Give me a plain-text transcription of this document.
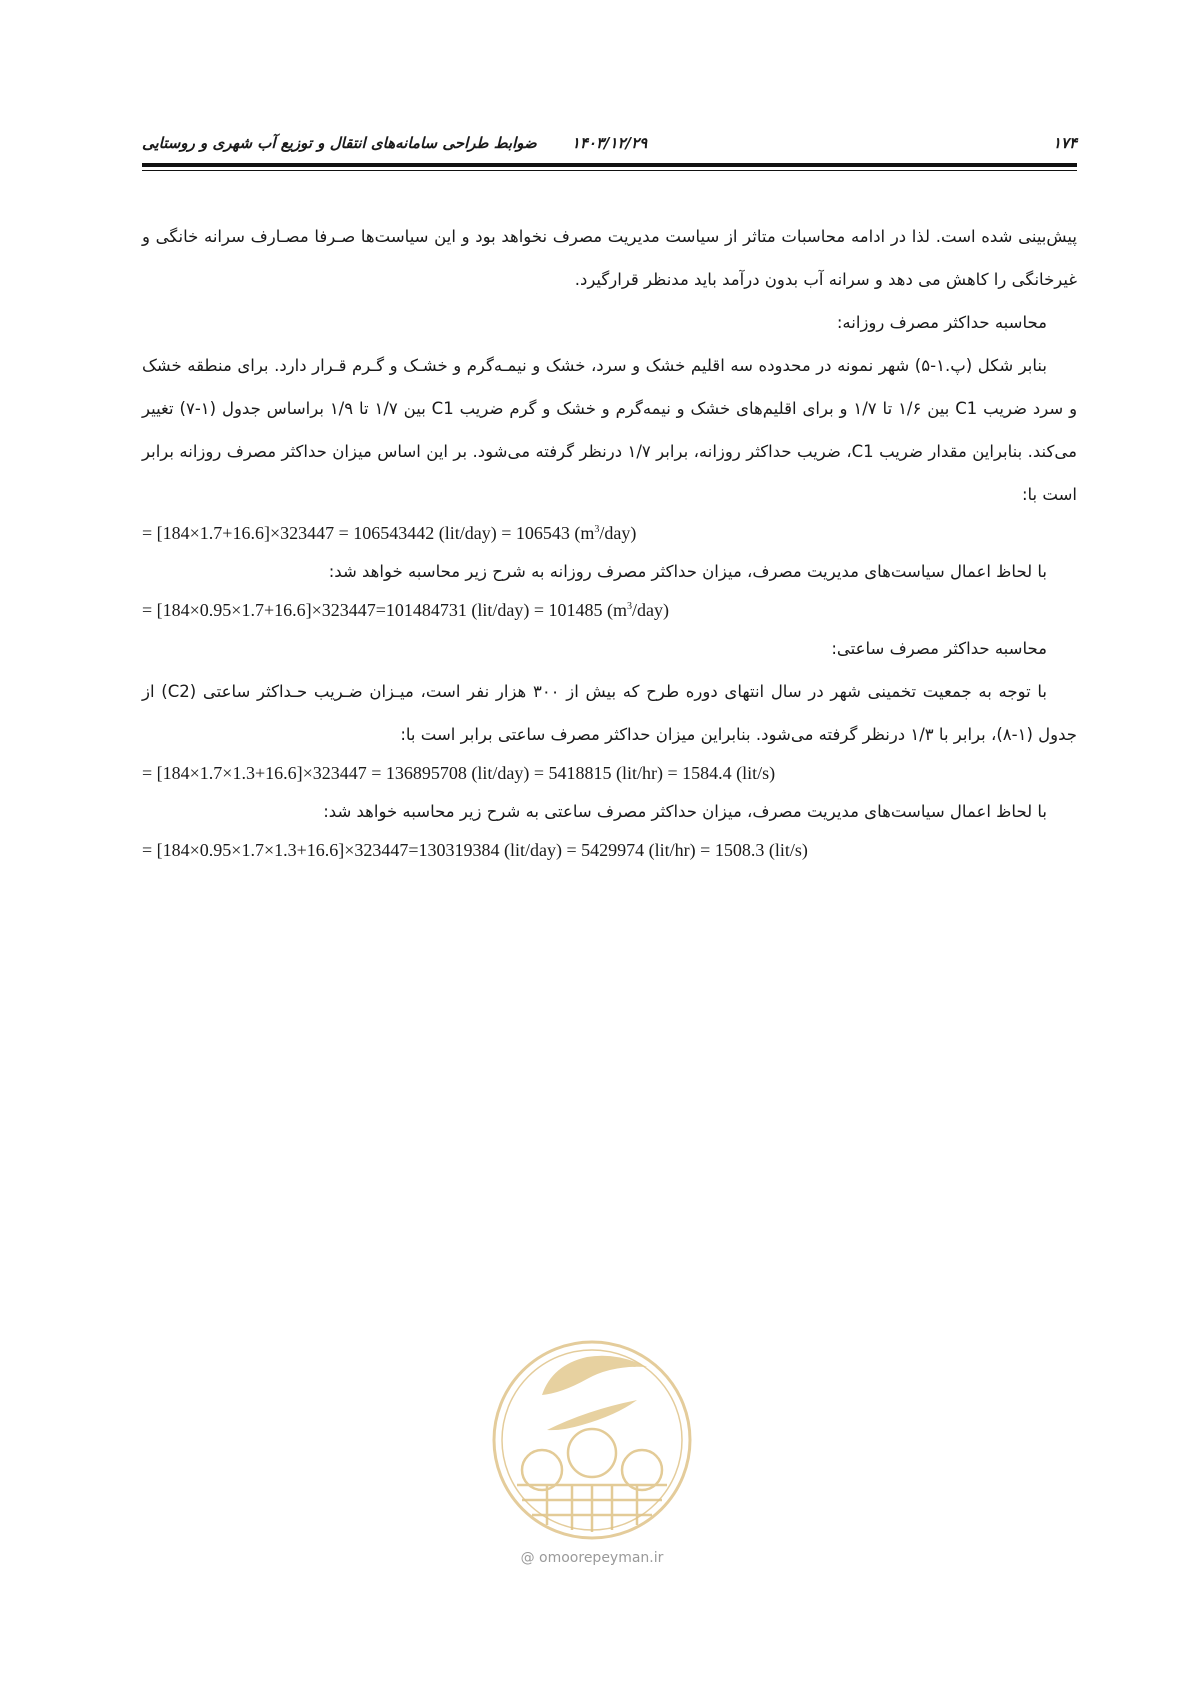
۱۷۴
۱۴۰۳/۱۲/۲۹
ضوابط طراحی سامانه‌های انتقال و توزیع آب شهری و روستایی

پیش‌بینی شده است. لذا در ادامه محاسبات متاثر از سیاست مدیریت مصرف نخواهد بود و این سیاست‌ها صـرفا مصـارف سرانه خانگی و غیرخانگی را کاهش می دهد و سرانه آب بدون درآمد باید مدنظر قرارگیرد.

محاسبه حداکثر مصرف روزانه:

بنابر شکل (پ.۱-۵) شهر نمونه در محدوده سه اقلیم خشک و سرد، خشک و نیمـه‌گرم و خشـک و گـرم قـرار دارد. برای منطقه خشک و سرد ضریب C1 بین ۱/۶ تا ۱/۷ و برای اقلیم‌های خشک و نیمه‌گرم و خشک و گرم ضریب C1 بین ۱/۷ تا ۱/۹ براساس جدول (۱-۷) تغییر می‌کند. بنابراین مقدار ضریب C1، ضریب حداکثر روزانه، برابر ۱/۷ درنظر گرفته می‌شود. بر این اساس میزان حداکثر مصرف روزانه برابر است با:

= [184×1.7+16.6]×323447 = 106543442 (lit/day) = 106543 $(m^3/day)$

با لحاظ اعمال سیاست‌های مدیریت مصرف، میزان حداکثر مصرف روزانه به شرح زیر محاسبه خواهد شد:

= [184×0.95×1.7+16.6]×323447=101484731 (lit/day) = 101485 $(m^3/day)$

محاسبه حداکثر مصرف ساعتی:

با توجه به جمعیت تخمینی شهر در سال انتهای دوره طرح که بیش از ۳۰۰ هزار نفر است، میـزان ضـریب حـداکثر ساعتی (C2) از جدول (۱-۸)، برابر با ۱/۳ درنظر گرفته می‌شود. بنابراین میزان حداکثر مصرف ساعتی برابر است با:

= [184×1.7×1.3+16.6]×323447 = 136895708 (lit/day) = 5418815 (lit/hr) = 1584.4 (lit/s)

با لحاظ اعمال سیاست‌های مدیریت مصرف، میزان حداکثر مصرف ساعتی به شرح زیر محاسبه خواهد شد:

= [184×0.95×1.7×1.3+16.6]×323447=130319384 (lit/day) = 5429974 (lit/hr) = 1508.3 (lit/s)

@ omoorepeyman.ir
